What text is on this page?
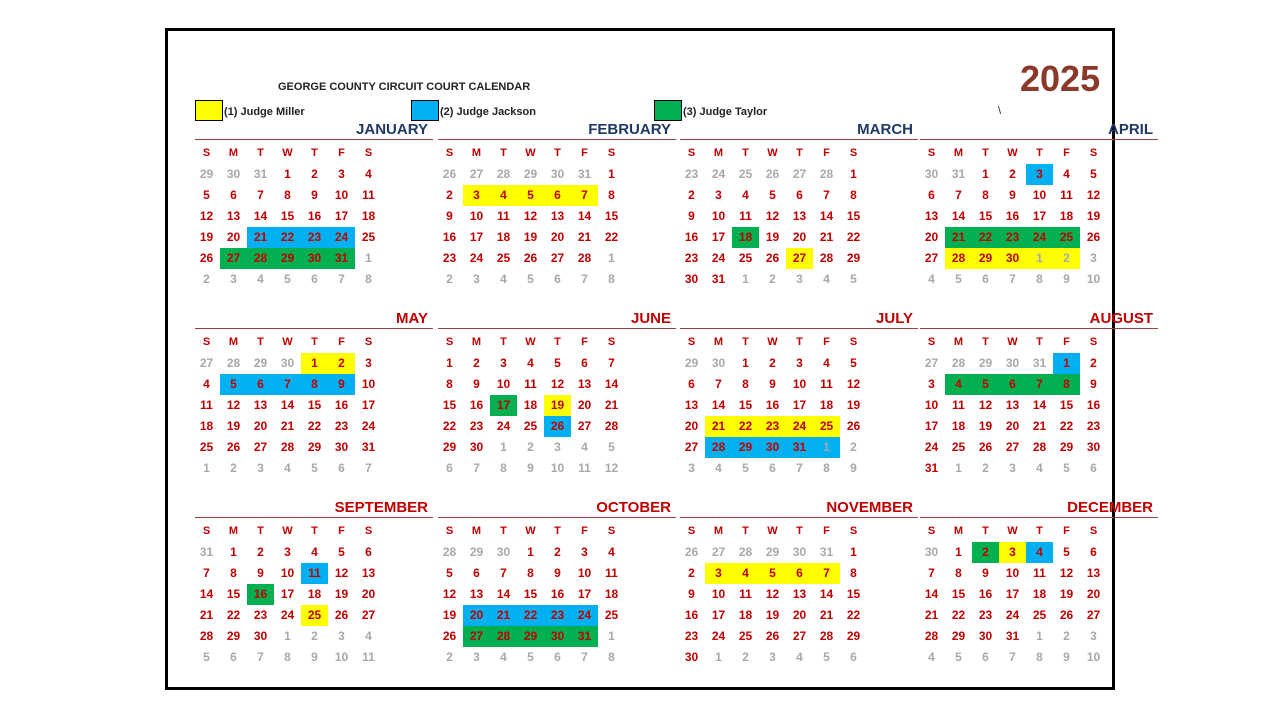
GEORGE COUNTY CIRCUIT COURT CALENDAR	2025
(1) Judge Miller	(2) Judge Jackson	(3) Judge Taylor	\
JANUARY
S	M	T	W	T	F	S
29	30	31	1	2	3	4
5	6	7	8	9	10	11
12	13	14	15	16	17	18
19	20	21	22	23	24	25
26	27	28	29	30	31	1
2	3	4	5	6	7	8
FEBRUARY
S	M	T	W	T	F	S
26	27	28	29	30	31	1
2	3	4	5	6	7	8
9	10	11	12	13	14	15
16	17	18	19	20	21	22
23	24	25	26	27	28	1
2	3	4	5	6	7	8
MARCH
S	M	T	W	T	F	S
23	24	25	26	27	28	1
2	3	4	5	6	7	8
9	10	11	12	13	14	15
16	17	18	19	20	21	22
23	24	25	26	27	28	29
30	31	1	2	3	4	5
APRIL
S	M	T	W	T	F	S
30	31	1	2	3	4	5
6	7	8	9	10	11	12
13	14	15	16	17	18	19
20	21	22	23	24	25	26
27	28	29	30	1	2	3
4	5	6	7	8	9	10
MAY
S	M	T	W	T	F	S
27	28	29	30	1	2	3
4	5	6	7	8	9	10
11	12	13	14	15	16	17
18	19	20	21	22	23	24
25	26	27	28	29	30	31
1	2	3	4	5	6	7
JUNE
S	M	T	W	T	F	S
1	2	3	4	5	6	7
8	9	10	11	12	13	14
15	16	17	18	19	20	21
22	23	24	25	26	27	28
29	30	1	2	3	4	5
6	7	8	9	10	11	12
JULY
S	M	T	W	T	F	S
29	30	1	2	3	4	5
6	7	8	9	10	11	12
13	14	15	16	17	18	19
20	21	22	23	24	25	26
27	28	29	30	31	1	2
3	4	5	6	7	8	9
AUGUST
S	M	T	W	T	F	S
27	28	29	30	31	1	2
3	4	5	6	7	8	9
10	11	12	13	14	15	16
17	18	19	20	21	22	23
24	25	26	27	28	29	30
31	1	2	3	4	5	6
SEPTEMBER
S	M	T	W	T	F	S
31	1	2	3	4	5	6
7	8	9	10	11	12	13
14	15	16	17	18	19	20
21	22	23	24	25	26	27
28	29	30	1	2	3	4
5	6	7	8	9	10	11
OCTOBER
S	M	T	W	T	F	S
28	29	30	1	2	3	4
5	6	7	8	9	10	11
12	13	14	15	16	17	18
19	20	21	22	23	24	25
26	27	28	29	30	31	1
2	3	4	5	6	7	8
NOVEMBER
S	M	T	W	T	F	S
26	27	28	29	30	31	1
2	3	4	5	6	7	8
9	10	11	12	13	14	15
16	17	18	19	20	21	22
23	24	25	26	27	28	29
30	1	2	3	4	5	6
DECEMBER
S	M	T	W	T	F	S
30	1	2	3	4	5	6
7	8	9	10	11	12	13
14	15	16	17	18	19	20
21	22	23	24	25	26	27
28	29	30	31	1	2	3
4	5	6	7	8	9	10
